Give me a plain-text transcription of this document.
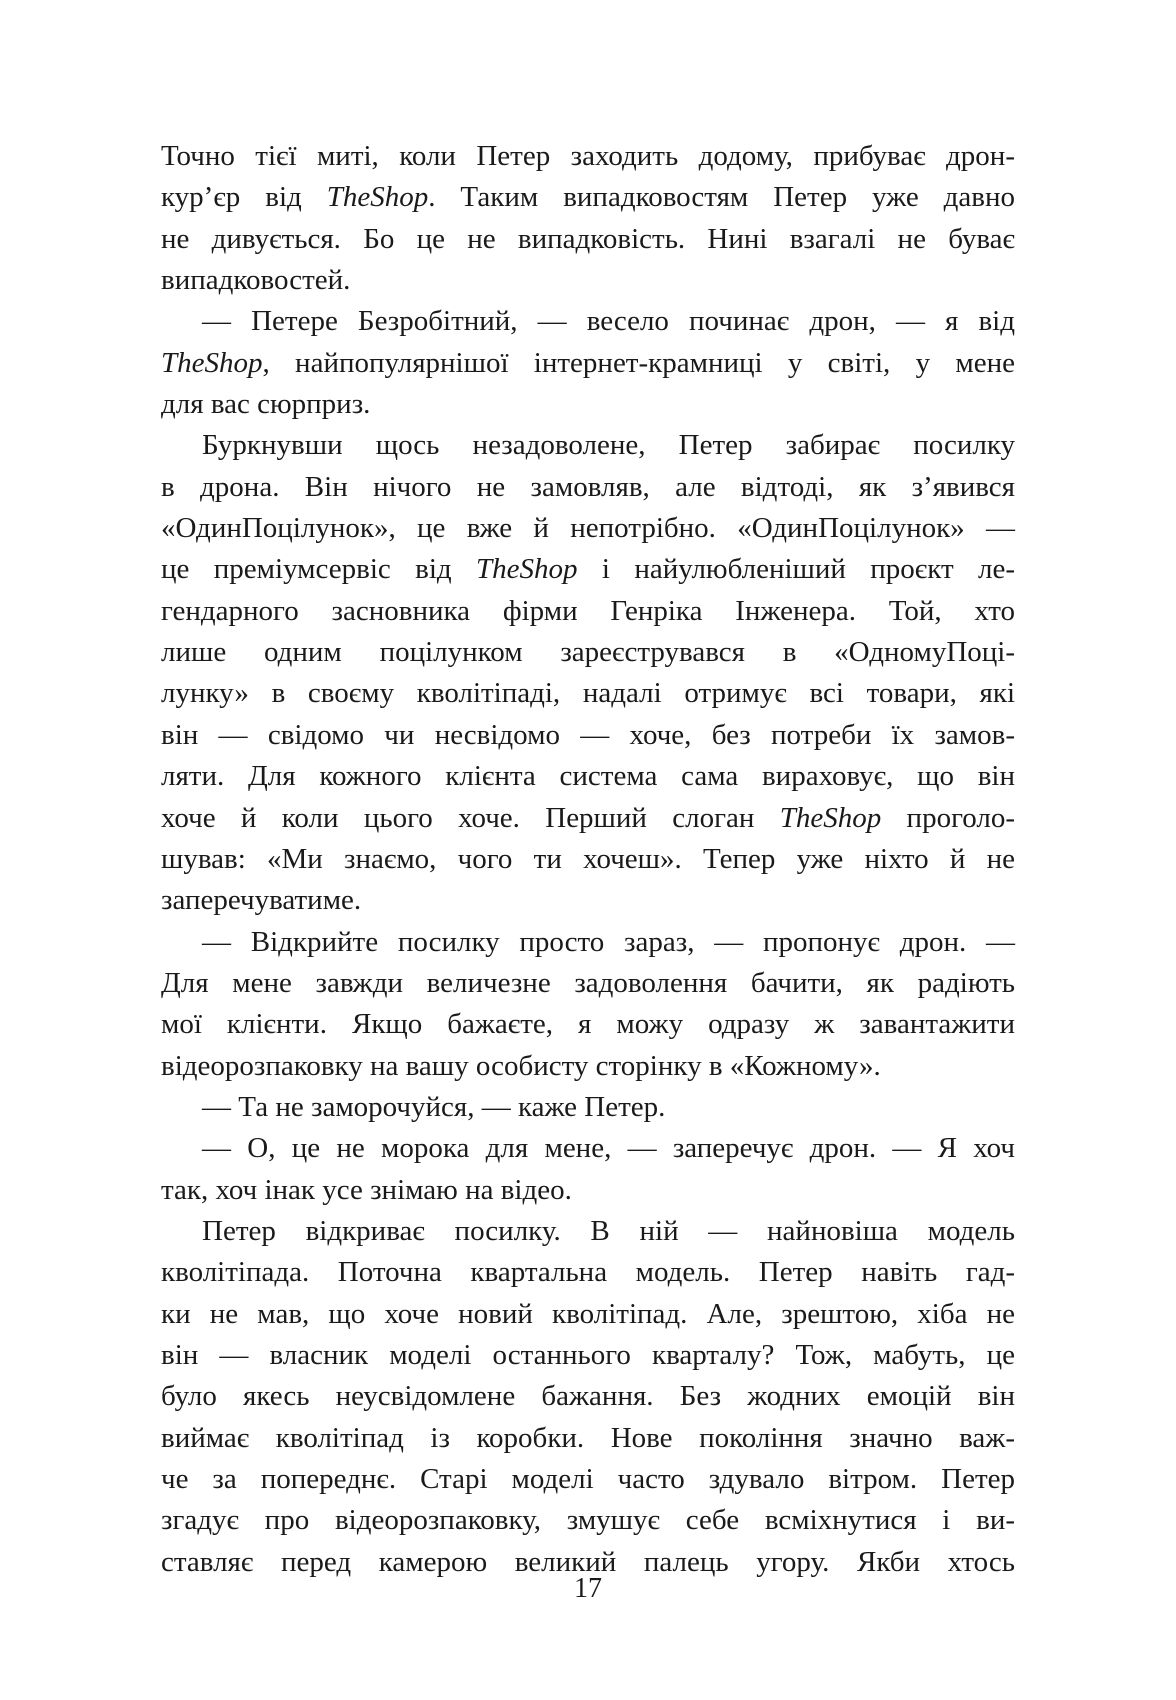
Точно тієї миті, коли Петер заходить додому, прибуває дрон-
кур’єр від TheShop. Таким випадковостям Петер уже давно
не дивується. Бо це не випадковість. Нині взагалі не буває
випадковостей.
— Петере Безробітний, — весело починає дрон, — я від
TheShop, найпопулярнішої інтернет-крамниці у світі, у мене
для вас сюрприз.
Буркнувши щось незадоволене, Петер забирає посилку
в дрона. Він нічого не замовляв, але відтоді, як з’явився
«ОдинПоцілунок», це вже й непотрібно. «ОдинПоцілунок» —
це преміумсервіс від TheShop і найулюбленіший проєкт ле-
гендарного засновника фірми Генріка Інженера. Той, хто
лише одним поцілунком зареєструвався в «ОдномуПоці-
лунку» в своєму кволітіпаді, надалі отримує всі товари, які
він — свідомо чи несвідомо — хоче, без потреби їх замов-
ляти. Для кожного клієнта система сама вираховує, що він
хоче й коли цього хоче. Перший слоган TheShop проголо-
шував: «Ми знаємо, чого ти хочеш». Тепер уже ніхто й не
заперечуватиме.
— Відкрийте посилку просто зараз, — пропонує дрон. —
Для мене завжди величезне задоволення бачити, як радіють
мої клієнти. Якщо бажаєте, я можу одразу ж завантажити
відеорозпаковку на вашу особисту сторінку в «Кожному».
— Та не заморочуйся, — каже Петер.
— О, це не морока для мене, — заперечує дрон. — Я хоч
так, хоч інак усе знімаю на відео.
Петер відкриває посилку. В ній — найновіша модель
кволітіпада. Поточна квартальна модель. Петер навіть гад-
ки не мав, що хоче новий кволітіпад. Але, зрештою, хіба не
він — власник моделі останнього кварталу? Тож, мабуть, це
було якесь неусвідомлене бажання. Без жодних емоцій він
виймає кволітіпад із коробки. Нове покоління значно важ-
че за попереднє. Старі моделі часто здувало вітром. Петер
згадує про відеорозпаковку, змушує себе всміхнутися і ви-
ставляє перед камерою великий палець угору. Якби хтось
17
